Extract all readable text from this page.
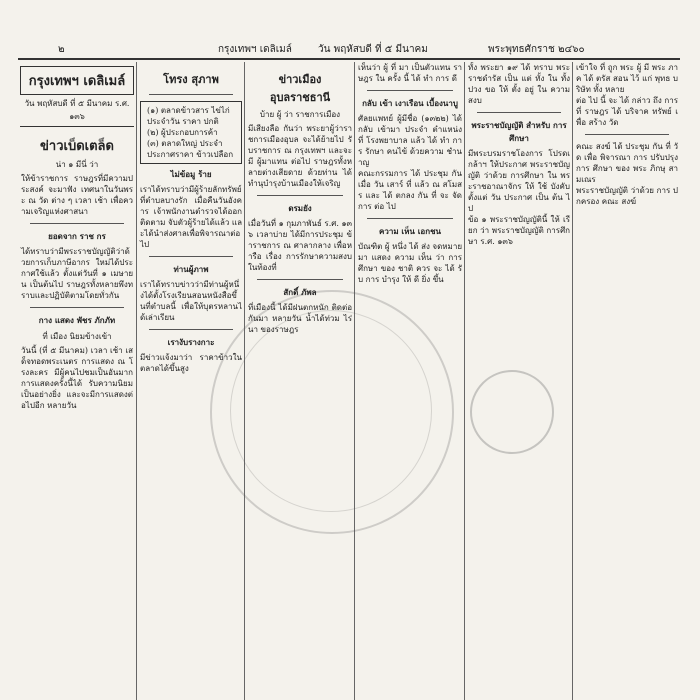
๒	กรุงเทพฯ เดลิเมล์	วัน พฤหัสบดี ที่ ๕ มีนาคม	พระพุทธศักราช ๒๔๖๐
กรุงเทพฯ เดลิเมล์
วัน พฤหัสบดี ที่ ๕ มีนาคม ร.ศ. ๑๓๖
ข่าวเบ็ดเตล็ด
น่า ๑ มีนี่ ว่า
ให้ข้าราชการ ราษฎรที่มีความประสงค์ จะมาฟัง เทศนาในวันพระ ณ วัด ต่าง ๆ เวลา เช้า เพื่อความเจริญแห่งศาสนา
ยอดจาก ราช กร
ได้ทราบว่ามีพระราชบัญญัติว่าด้วยการเก็บภาษีอากร ใหม่ได้ประกาศใช้แล้ว ตั้งแต่วันที่ ๑ เมษายน เป็นต้นไป ราษฎรทั้งหลายพึงทราบและปฏิบัติตามโดยทั่วกัน
กาง แสดง พัชร ภักภัท
ที่ เมือง นิยมข้างเข้า
วันนี้ (ที่ ๕ มีนาคม) เวลา เช้า เสด็จทอดพระเนตร การแสดง ณ โรงละคร มีผู้คนไปชมเป็นอันมาก การแสดงครั้งนี้ได้ รับความนิยม เป็นอย่างยิ่ง และจะมีการแสดงต่อไปอีก หลายวัน
โทรง สุภาพ
(๑) ตลาดข้าวสาร ไข่ไก่
ประจำวัน ราคา ปกติ
(๒) ผู้ประกอบการค้า
(๓) ตลาดใหญ่ ประจำ
ประกาศราคา ข้าวเปลือก
ไม่ข้อมู ร้าย
เราได้ทราบว่ามีผู้ร้ายลักทรัพย์ที่ตำบลบางรัก เมื่อคืนวันอังคาร เจ้าพนักงานตำรวจได้ออกติดตาม จับตัวผู้ร้ายได้แล้ว และได้นำส่งศาลเพื่อพิจารณาต่อไป
ท่านผู้ภาพ
เราได้ทราบข่าวว่ามีท่านผู้หนึ่งได้ตั้งโรงเรียนสอนหนังสือขึ้นที่ตำบลนี้ เพื่อให้บุตรหลานได้เล่าเรียน
เรางับรางกาะ
มีข่าวแจ้งมาว่า ราคาข้าวในตลาดได้ขึ้นสูง
ข่าวเมือง อุบลราชธานี
บ้าย ผู้ ว่า ราชการเมือง
มีเสียงลือ กันว่า พระยาผู้ว่าราชการเมืองอุบล จะได้ย้ายไป รับราชการ ณ กรุงเทพฯ และจะมี ผู้มาแทน ต่อไป ราษฎรทั้งหลายต่างเสียดาย ด้วยท่าน ได้ ทำนุบำรุงบ้านเมืองให้เจริญ
ดรมยัง
เมื่อวันที่ ๑ กุมภาพันธ์ ร.ศ. ๑๓๖ เวลาบ่าย ได้มีการประชุม ข้าราชการ ณ ศาลากลาง เพื่อหารือ เรื่อง การรักษาความสงบ ในท้องที่
สักดิ์ ภัพล
ที่เมืองนี้ ได้มีฝนตกหนัก ติดต่อกันมา หลายวัน น้ำได้ท่วม ไร่นา ของราษฎร
เห็นว่า ผู้ ที่ มา เป็นตัวแทน ราษฎร ใน ครั้ง นี้ ได้ ทำ การ ดี
กลับ เข้า เงาเรือน เบื้องนาบู
ศัลยแพทย์ ผู้มีชื่อ (๑๓๒๒) ได้ กลับ เข้ามา ประจำ ตำแหน่ง ที่ โรงพยาบาล แล้ว ได้ ทำ การ รักษา คนไข้ ด้วยความ ชำนาญ
คณะกรรมการ ได้ ประชุม กัน เมื่อ วัน เสาร์ ที่ แล้ว ณ สโมสร และ ได้ ตกลง กัน ที่ จะ จัด การ ต่อ ไป
ความ เห็น เอกชน
บัณฑิต ผู้ หนึ่ง ได้ ส่ง จดหมาย มา แสดง ความ เห็น ว่า การ ศึกษา ของ ชาติ ควร จะ ได้ รับ การ บำรุง ให้ ดี ยิ่ง ขึ้น
ทั้ง พระยา ๑๙ ได้ ทราบ พระ ราชดำรัส เป็น แต่ ทั้ง ใน ทั้ง ปวง ขอ ให้ ตั้ง อยู่ ใน ความ สงบ
พระราชบัญญัติ สำหรับ การ ศึกษา
มีพระบรมราชโองการ โปรดเกล้าฯ ให้ประกาศ พระราชบัญญัติ ว่าด้วย การศึกษา ใน พระราชอาณาจักร ให้ ใช้ บังคับ ตั้งแต่ วัน ประกาศ เป็น ต้น ไป
ข้อ ๑ พระราชบัญญัตินี้ ให้ เรียก ว่า พระราชบัญญัติ การศึกษา ร.ศ. ๑๓๖
เข้าใจ ที่ ถูก พระ ผู้ มี พระ ภาค ได้ ตรัส สอน ไว้ แก่ พุทธ บริษัท ทั้ง หลาย
ต่อ ไป นี้ จะ ได้ กล่าว ถึง การ ที่ ราษฎร ได้ บริจาค ทรัพย์ เพื่อ สร้าง วัด
คณะ สงฆ์ ได้ ประชุม กัน ที่ วัด เพื่อ พิจารณา การ ปรับปรุง การ ศึกษา ของ พระ ภิกษุ สามเณร
พระราชบัญญัติ ว่าด้วย การ ปกครอง คณะ สงฆ์
